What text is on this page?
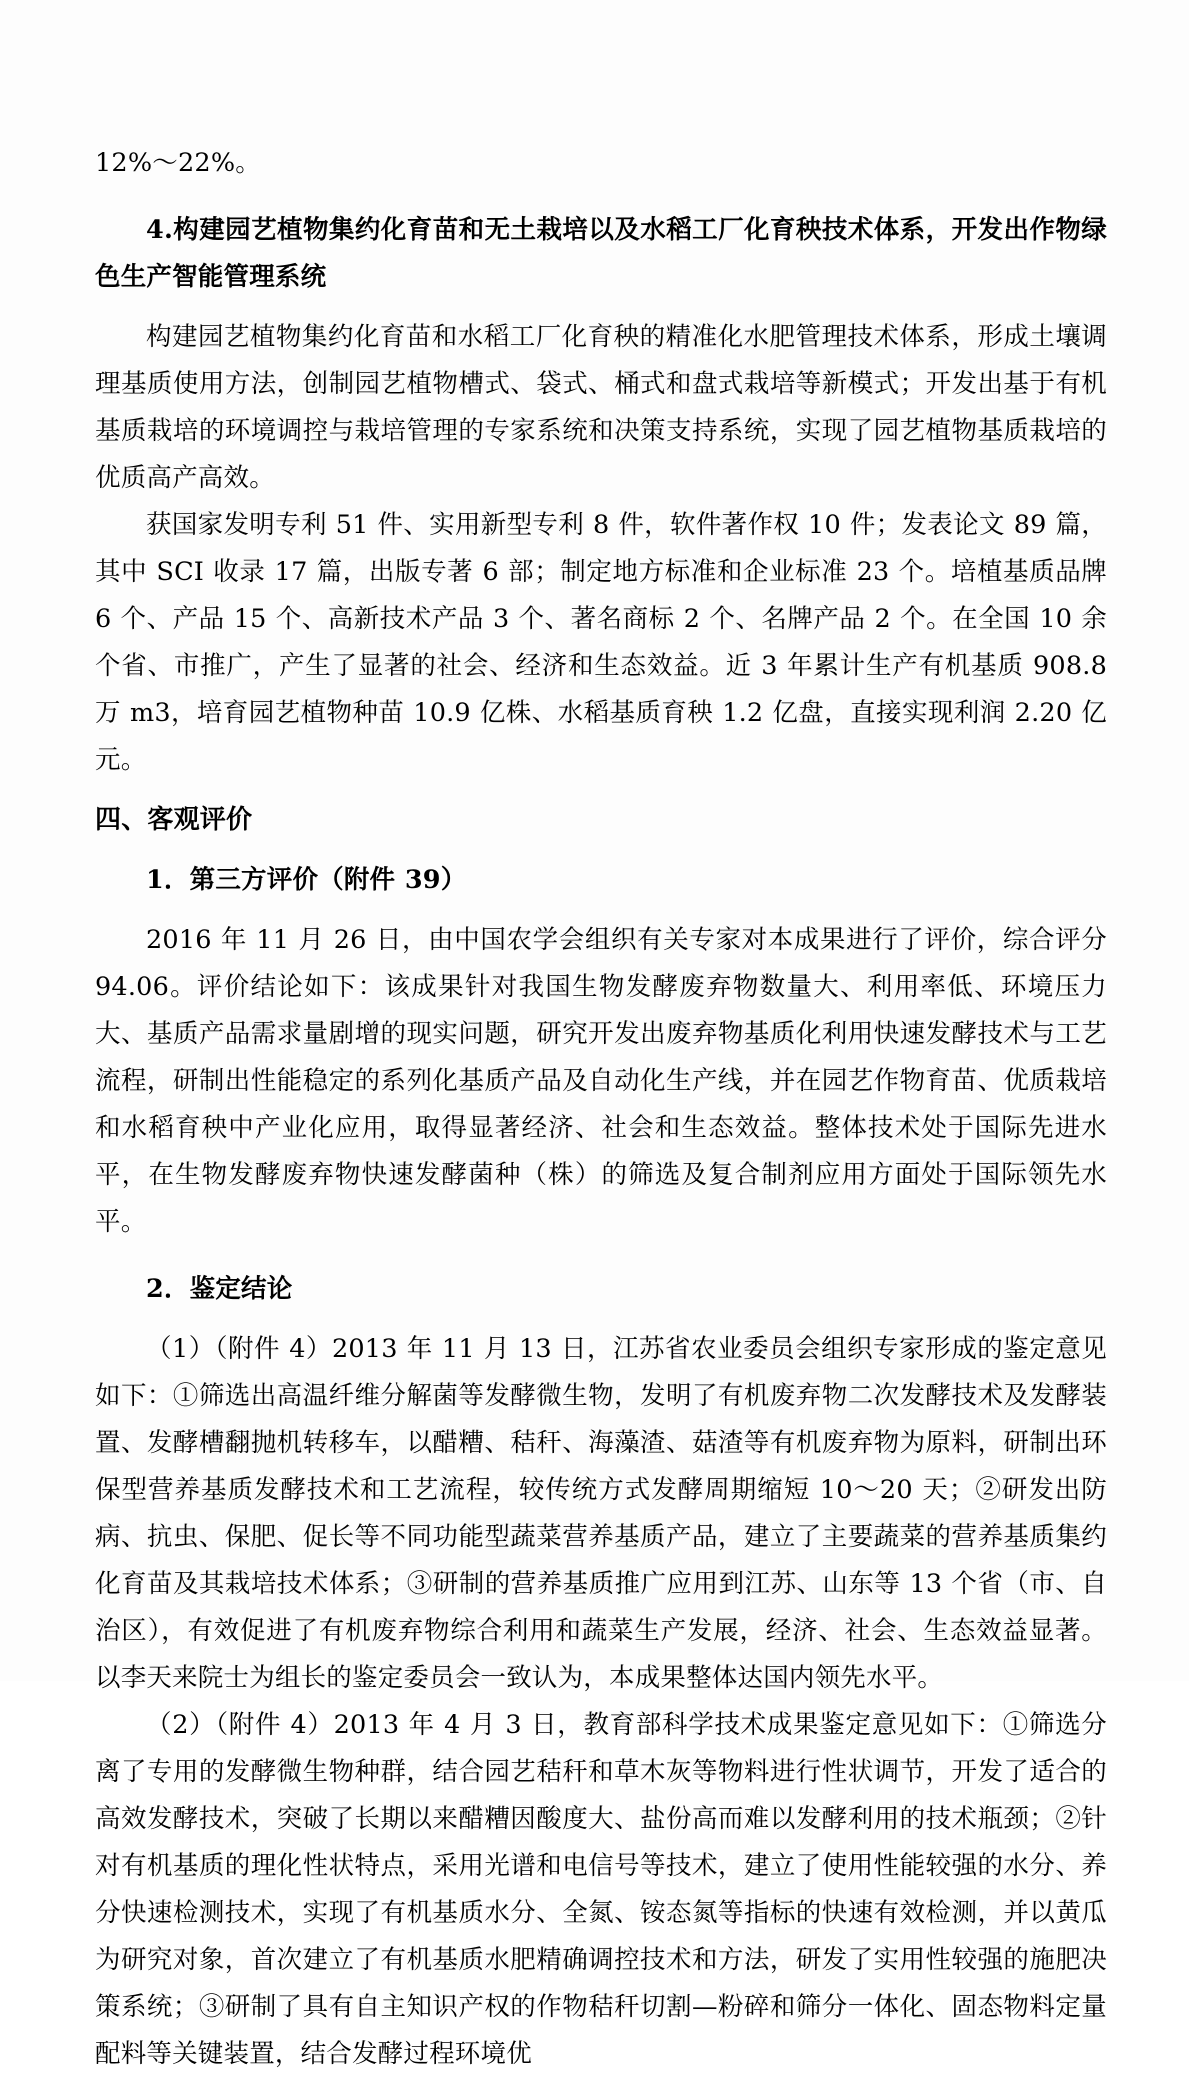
12%～22%。

4.构建园艺植物集约化育苗和无土栽培以及水稻工厂化育秧技术体系，开发出作物绿色生产智能管理系统

构建园艺植物集约化育苗和水稻工厂化育秧的精准化水肥管理技术体系，形成土壤调理基质使用方法，创制园艺植物槽式、袋式、桶式和盘式栽培等新模式；开发出基于有机基质栽培的环境调控与栽培管理的专家系统和决策支持系统，实现了园艺植物基质栽培的优质高产高效。

获国家发明专利 51 件、实用新型专利 8 件，软件著作权 10 件；发表论文 89 篇，其中 SCI 收录 17 篇，出版专著 6 部；制定地方标准和企业标准 23 个。培植基质品牌 6 个、产品 15 个、高新技术产品 3 个、著名商标 2 个、名牌产品 2 个。在全国 10 余个省、市推广，产生了显著的社会、经济和生态效益。近 3 年累计生产有机基质 908.8 万 m3，培育园艺植物种苗 10.9 亿株、水稻基质育秧 1.2 亿盘，直接实现利润 2.20 亿元。

四、客观评价

1．第三方评价（附件 39）

2016 年 11 月 26 日，由中国农学会组织有关专家对本成果进行了评价，综合评分 94.06。评价结论如下：该成果针对我国生物发酵废弃物数量大、利用率低、环境压力大、基质产品需求量剧增的现实问题，研究开发出废弃物基质化利用快速发酵技术与工艺流程，研制出性能稳定的系列化基质产品及自动化生产线，并在园艺作物育苗、优质栽培和水稻育秧中产业化应用，取得显著经济、社会和生态效益。整体技术处于国际先进水平，在生物发酵废弃物快速发酵菌种（株）的筛选及复合制剂应用方面处于国际领先水平。

2．鉴定结论

（1）（附件 4）2013 年 11 月 13 日，江苏省农业委员会组织专家形成的鉴定意见如下：①筛选出高温纤维分解菌等发酵微生物，发明了有机废弃物二次发酵技术及发酵装置、发酵槽翻抛机转移车，以醋糟、秸秆、海藻渣、菇渣等有机废弃物为原料，研制出环保型营养基质发酵技术和工艺流程，较传统方式发酵周期缩短 10～20 天；②研发出防病、抗虫、保肥、促长等不同功能型蔬菜营养基质产品，建立了主要蔬菜的营养基质集约化育苗及其栽培技术体系；③研制的营养基质推广应用到江苏、山东等 13 个省（市、自治区），有效促进了有机废弃物综合利用和蔬菜生产发展，经济、社会、生态效益显著。以李天来院士为组长的鉴定委员会一致认为，本成果整体达国内领先水平。

（2）（附件 4）2013 年 4 月 3 日，教育部科学技术成果鉴定意见如下：①筛选分离了专用的发酵微生物种群，结合园艺秸秆和草木灰等物料进行性状调节，开发了适合的高效发酵技术，突破了长期以来醋糟因酸度大、盐份高而难以发酵利用的技术瓶颈；②针对有机基质的理化性状特点，采用光谱和电信号等技术，建立了使用性能较强的水分、养分快速检测技术，实现了有机基质水分、全氮、铵态氮等指标的快速有效检测，并以黄瓜为研究对象，首次建立了有机基质水肥精确调控技术和方法，研发了实用性较强的施肥决策系统；③研制了具有自主知识产权的作物秸秆切割—粉碎和筛分一体化、固态物料定量配料等关键装置，结合发酵过程环境优
